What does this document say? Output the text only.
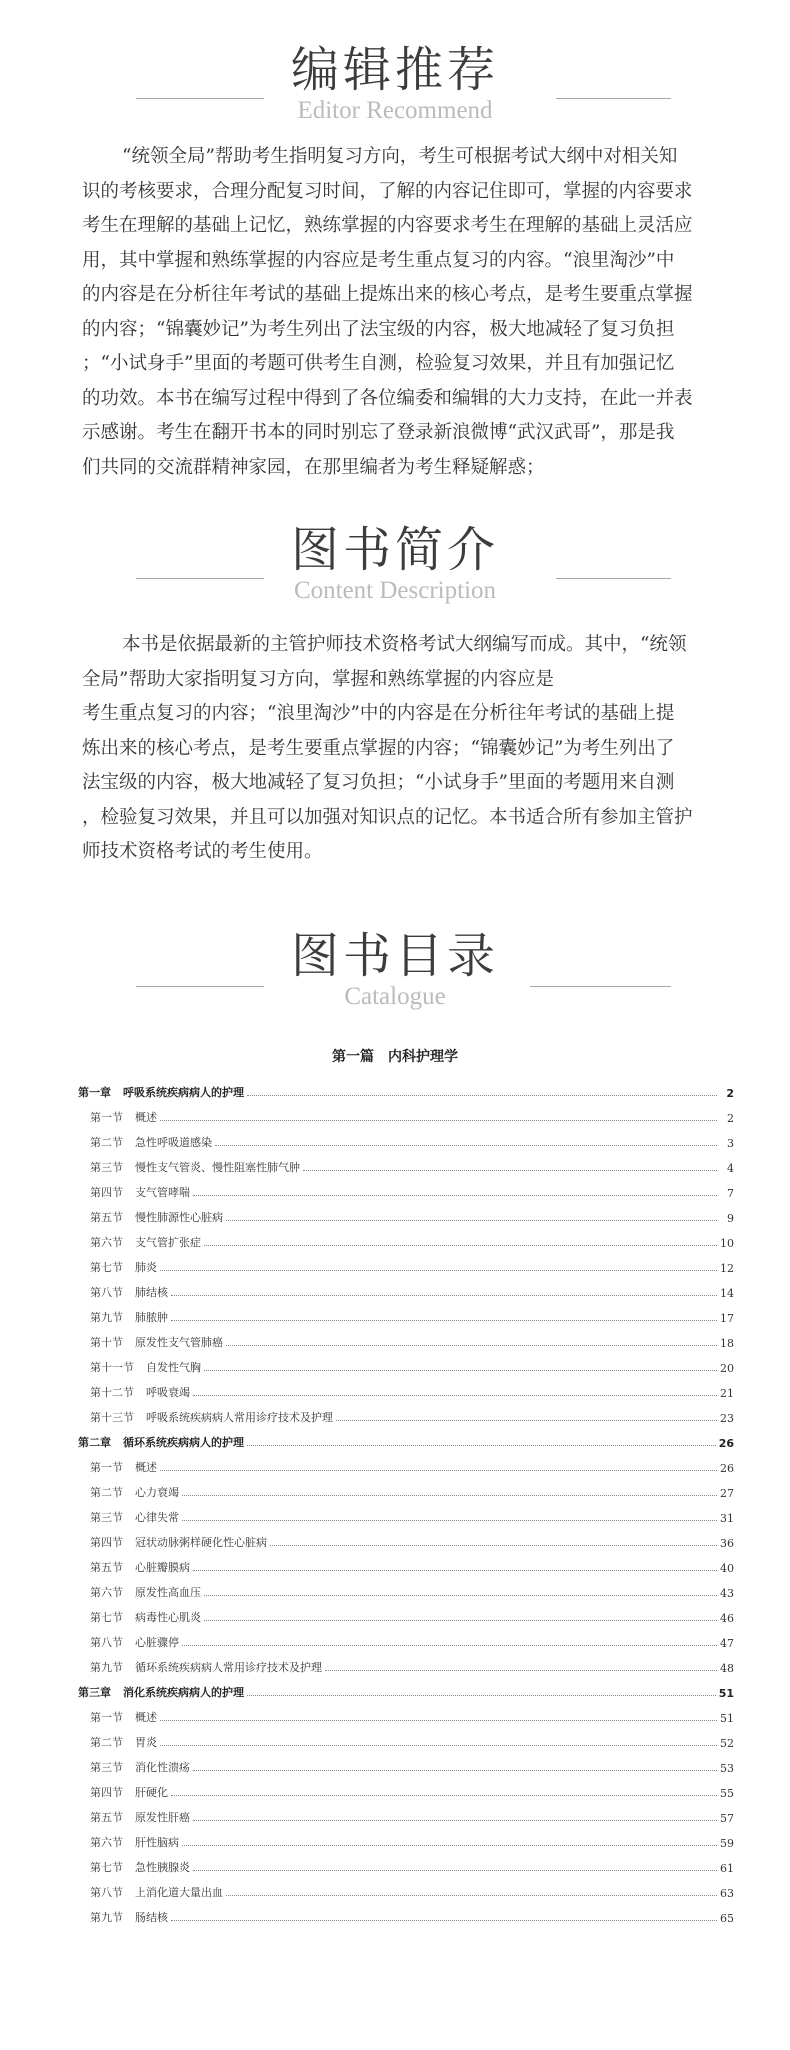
编辑推荐
Editor Recommend
“统领全局”帮助考生指明复习方向，考生可根据考试大纲中对相关知
识的考核要求，合理分配复习时间，了解的内容记住即可，掌握的内容要求
考生在理解的基础上记忆，熟练掌握的内容要求考生在理解的基础上灵活应
用，其中掌握和熟练掌握的内容应是考生重点复习的内容。“浪里淘沙”中
的内容是在分析往年考试的基础上提炼出来的核心考点，是考生要重点掌握
的内容；“锦囊妙记”为考生列出了法宝级的内容，极大地减轻了复习负担
；“小试身手”里面的考题可供考生自测，检验复习效果，并且有加强记忆
的功效。本书在编写过程中得到了各位编委和编辑的大力支持，在此一并表
示感谢。考生在翻开书本的同时别忘了登录新浪微博“武汉武哥”，那是我
们共同的交流群精神家园，在那里编者为考生释疑解惑；
图书简介
Content Description
本书是依据最新的主管护师技术资格考试大纲编写而成。其中，“统领
全局”帮助大家指明复习方向，掌握和熟练掌握的内容应是
考生重点复习的内容；“浪里淘沙”中的内容是在分析往年考试的基础上提
炼出来的核心考点，是考生要重点掌握的内容；“锦囊妙记”为考生列出了
法宝级的内容，极大地减轻了复习负担；“小试身手”里面的考题用来自测
，检验复习效果，并且可以加强对知识点的记忆。本书适合所有参加主管护
师技术资格考试的考生使用。
图书目录
Catalogue
第一篇　内科护理学
第一章 呼吸系统疾病病人的护理	2
第一节 概述	2
第二节 急性呼吸道感染	3
第三节 慢性支气管炎、慢性阻塞性肺气肿	4
第四节 支气管哮喘	7
第五节 慢性肺源性心脏病	9
第六节 支气管扩张症	10
第七节 肺炎	12
第八节 肺结核	14
第九节 肺脓肿	17
第十节 原发性支气管肺癌	18
第十一节 自发性气胸	20
第十二节 呼吸衰竭	21
第十三节 呼吸系统疾病病人常用诊疗技术及护理	23
第二章 循环系统疾病病人的护理	26
第一节 概述	26
第二节 心力衰竭	27
第三节 心律失常	31
第四节 冠状动脉粥样硬化性心脏病	36
第五节 心脏瓣膜病	40
第六节 原发性高血压	43
第七节 病毒性心肌炎	46
第八节 心脏骤停	47
第九节 循环系统疾病病人常用诊疗技术及护理	48
第三章 消化系统疾病病人的护理	51
第一节 概述	51
第二节 胃炎	52
第三节 消化性溃疡	53
第四节 肝硬化	55
第五节 原发性肝癌	57
第六节 肝性脑病	59
第七节 急性胰腺炎	61
第八节 上消化道大量出血	63
第九节 肠结核	65
